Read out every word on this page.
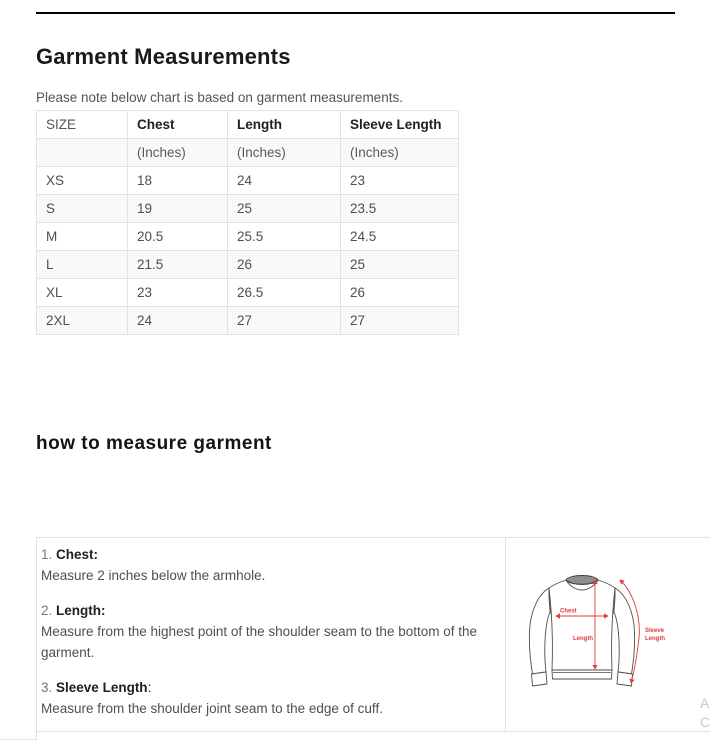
Garment Measurements

Please note below chart is based on garment measurements.

SIZE	Chest	Length	Sleeve Length
	(Inches)	(Inches)	(Inches)
XS	18	24	23
S	19	25	23.5
M	20.5	25.5	24.5
L	21.5	26	25
XL	23	26.5	26
2XL	24	27	27
how to measure garment
1. Chest:
Measure 2 inches below the armhole.
2. Length:
Measure from the highest point of the shoulder seam to the bottom of the garment.
3. Sleeve Length:
Measure from the shoulder joint seam to the edge of cuff.
Chest
Length
Sleeve
Length
A
C
